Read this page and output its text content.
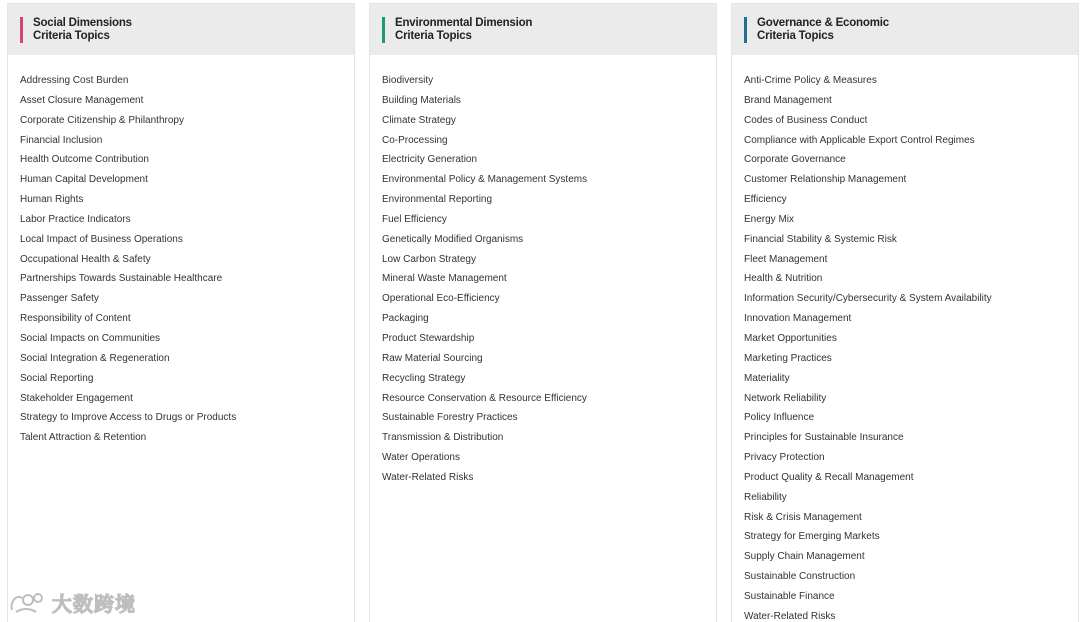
Social Dimensions
Criteria Topics
Addressing Cost Burden
Asset Closure Management
Corporate Citizenship & Philanthropy
Financial Inclusion
Health Outcome Contribution
Human Capital Development
Human Rights
Labor Practice Indicators
Local Impact of Business Operations
Occupational Health & Safety
Partnerships Towards Sustainable Healthcare
Passenger Safety
Responsibility of Content
Social Impacts on Communities
Social Integration & Regeneration
Social Reporting
Stakeholder Engagement
Strategy to Improve Access to Drugs or Products
Talent Attraction & Retention
Environmental Dimension
Criteria Topics
Biodiversity
Building Materials
Climate Strategy
Co-Processing
Electricity Generation
Environmental Policy & Management Systems
Environmental Reporting
Fuel Efficiency
Genetically Modified Organisms
Low Carbon Strategy
Mineral Waste Management
Operational Eco-Efficiency
Packaging
Product Stewardship
Raw Material Sourcing
Recycling Strategy
Resource Conservation & Resource Efficiency
Sustainable Forestry Practices
Transmission & Distribution
Water Operations
Water-Related Risks
Governance & Economic
Criteria Topics
Anti-Crime Policy & Measures
Brand Management
Codes of Business Conduct
Compliance with Applicable Export Control Regimes
Corporate Governance
Customer Relationship Management
Efficiency
Energy Mix
Financial Stability & Systemic Risk
Fleet Management
Health & Nutrition
Information Security/Cybersecurity & System Availability
Innovation Management
Market Opportunities
Marketing Practices
Materiality
Network Reliability
Policy Influence
Principles for Sustainable Insurance
Privacy Protection
Product Quality & Recall Management
Reliability
Risk & Crisis Management
Strategy for Emerging Markets
Supply Chain Management
Sustainable Construction
Sustainable Finance
Water-Related Risks
大数跨境
